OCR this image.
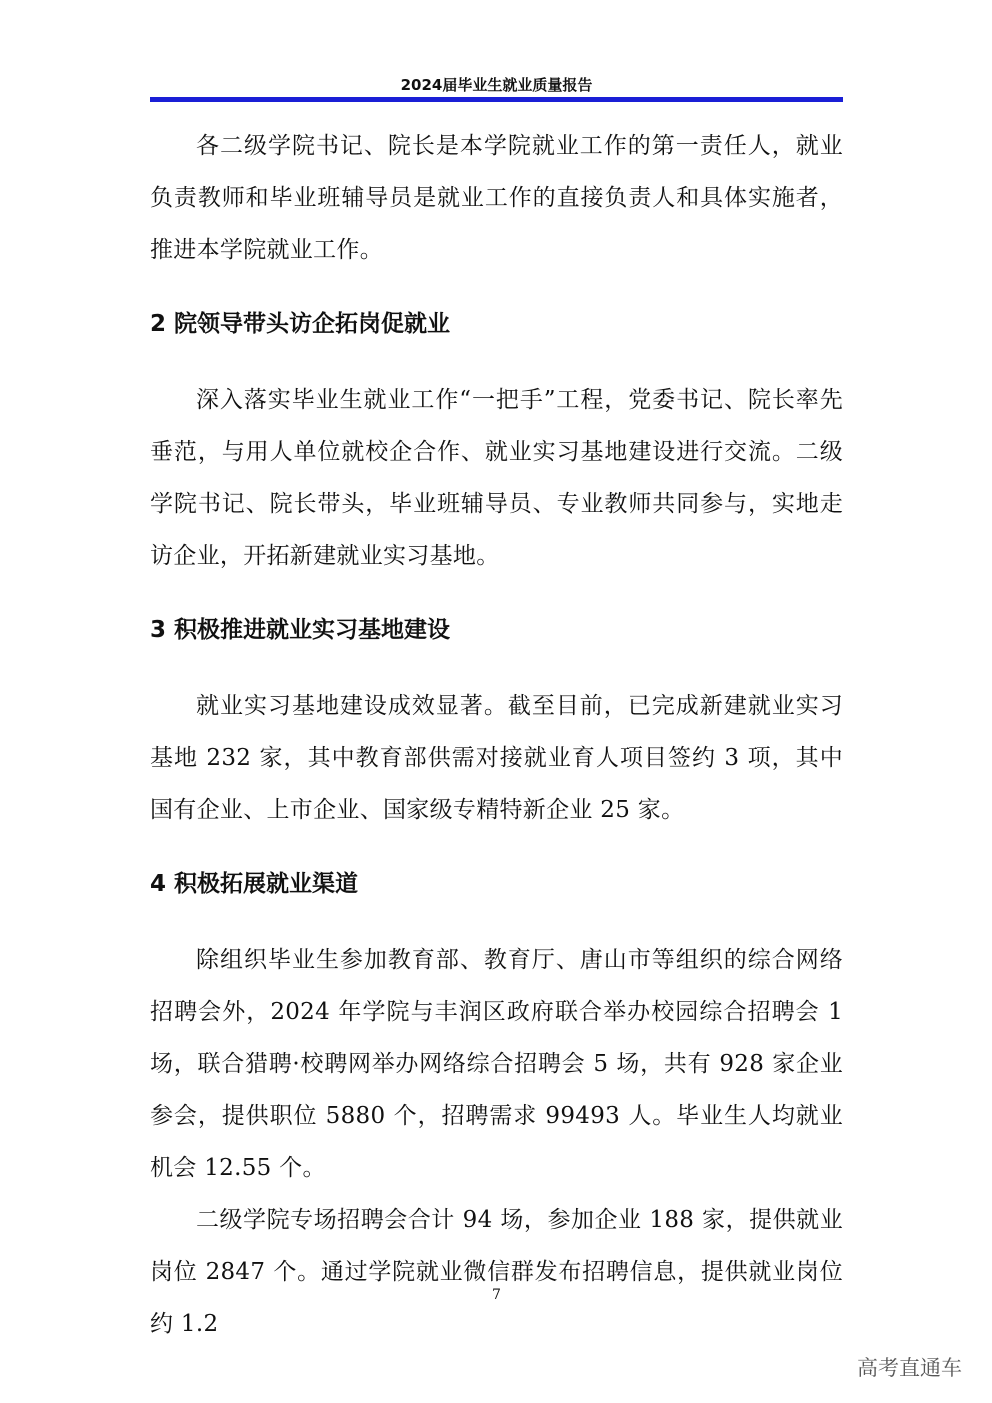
2024届毕业生就业质量报告

各二级学院书记、院长是本学院就业工作的第一责任人，就业负责教师和毕业班辅导员是就业工作的直接负责人和具体实施者，推进本学院就业工作。

2 院领导带头访企拓岗促就业

深入落实毕业生就业工作“一把手”工程，党委书记、院长率先垂范，与用人单位就校企合作、就业实习基地建设进行交流。二级学院书记、院长带头，毕业班辅导员、专业教师共同参与，实地走访企业，开拓新建就业实习基地。

3 积极推进就业实习基地建设

就业实习基地建设成效显著。截至目前，已完成新建就业实习基地 232 家，其中教育部供需对接就业育人项目签约 3 项，其中国有企业、上市企业、国家级专精特新企业 25 家。

4 积极拓展就业渠道

除组织毕业生参加教育部、教育厅、唐山市等组织的综合网络招聘会外，2024 年学院与丰润区政府联合举办校园综合招聘会 1 场，联合猎聘·校聘网举办网络综合招聘会 5 场，共有 928 家企业参会，提供职位 5880 个，招聘需求 99493 人。毕业生人均就业机会 12.55 个。

二级学院专场招聘会合计 94 场，参加企业 188 家，提供就业岗位 2847 个。通过学院就业微信群发布招聘信息，提供就业岗位约 1.2

7
高考直通车
